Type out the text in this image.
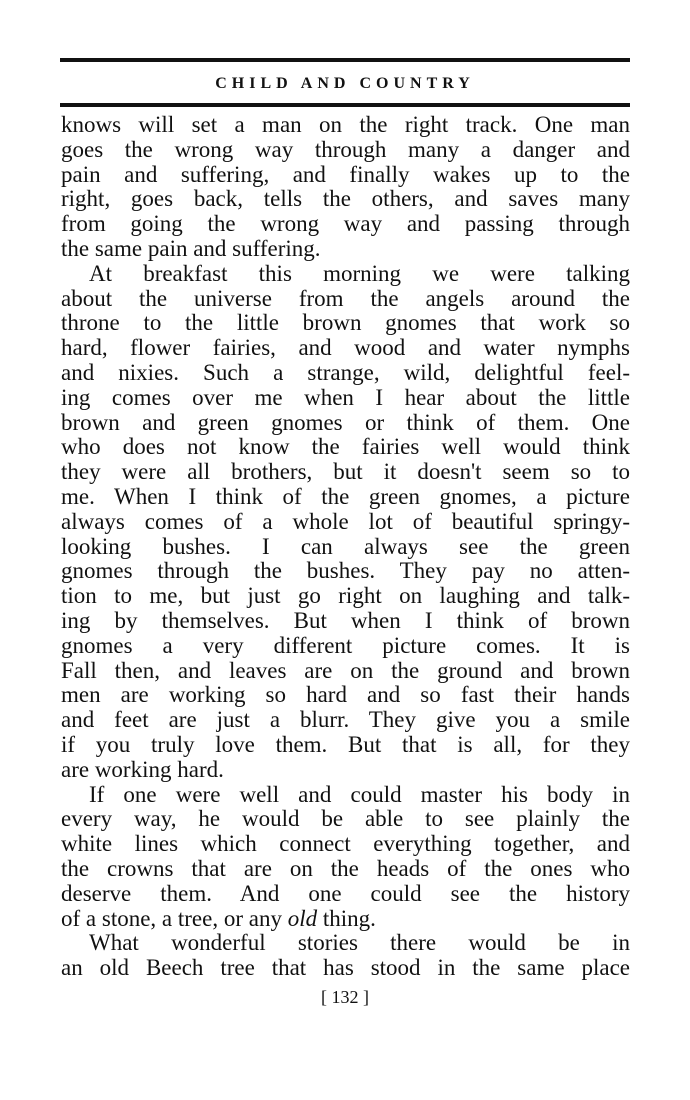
CHILD AND COUNTRY
knows will set a man on the right track. One man
goes the wrong way through many a danger and
pain and suffering, and finally wakes up to the
right, goes back, tells the others, and saves many
from going the wrong way and passing through
the same pain and suffering.
At breakfast this morning we were talking
about the universe from the angels around the
throne to the little brown gnomes that work so
hard, flower fairies, and wood and water nymphs
and nixies. Such a strange, wild, delightful feel-
ing comes over me when I hear about the little
brown and green gnomes or think of them. One
who does not know the fairies well would think
they were all brothers, but it doesn't seem so to
me. When I think of the green gnomes, a picture
always comes of a whole lot of beautiful springy-
looking bushes. I can always see the green
gnomes through the bushes. They pay no atten-
tion to me, but just go right on laughing and talk-
ing by themselves. But when I think of brown
gnomes a very different picture comes. It is
Fall then, and leaves are on the ground and brown
men are working so hard and so fast their hands
and feet are just a blurr. They give you a smile
if you truly love them. But that is all, for they
are working hard.
If one were well and could master his body in
every way, he would be able to see plainly the
white lines which connect everything together, and
the crowns that are on the heads of the ones who
deserve them. And one could see the history
of a stone, a tree, or any old thing.
What wonderful stories there would be in
an old Beech tree that has stood in the same place
[ 132 ]
